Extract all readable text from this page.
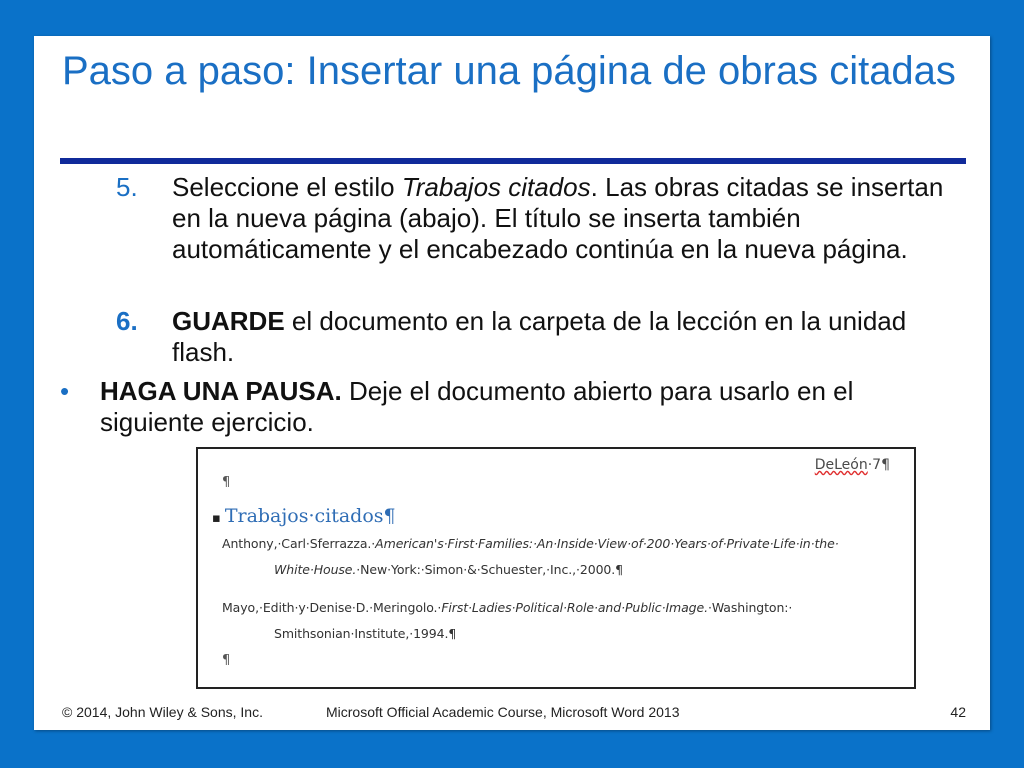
Paso a paso: Insertar una página de obras citadas
5.	Seleccione el estilo Trabajos citados. Las obras citadas se insertan en la nueva página (abajo). El título se inserta también automáticamente y el encabezado continúa en la nueva página.
6.	GUARDE el documento en la carpeta de la lección en la unidad flash.
• HAGA UNA PAUSA. Deje el documento abierto para usarlo en el siguiente ejercicio.
DeLeón·7¶
¶
▪ Trabajos·citados¶
Anthony,·Carl·Sferrazza.·American's·First·Families:·An·Inside·View·of·200·Years·of·Private·Life·in·the·
White·House.·New·York:·Simon·&·Schuester,·Inc.,·2000.¶
Mayo,·Edith·y·Denise·D.·Meringolo.·First·Ladies·Political·Role·and·Public·Image.·Washington:·
Smithsonian·Institute,·1994.¶
¶
© 2014, John Wiley & Sons, Inc.	Microsoft Official Academic Course, Microsoft Word 2013	42
